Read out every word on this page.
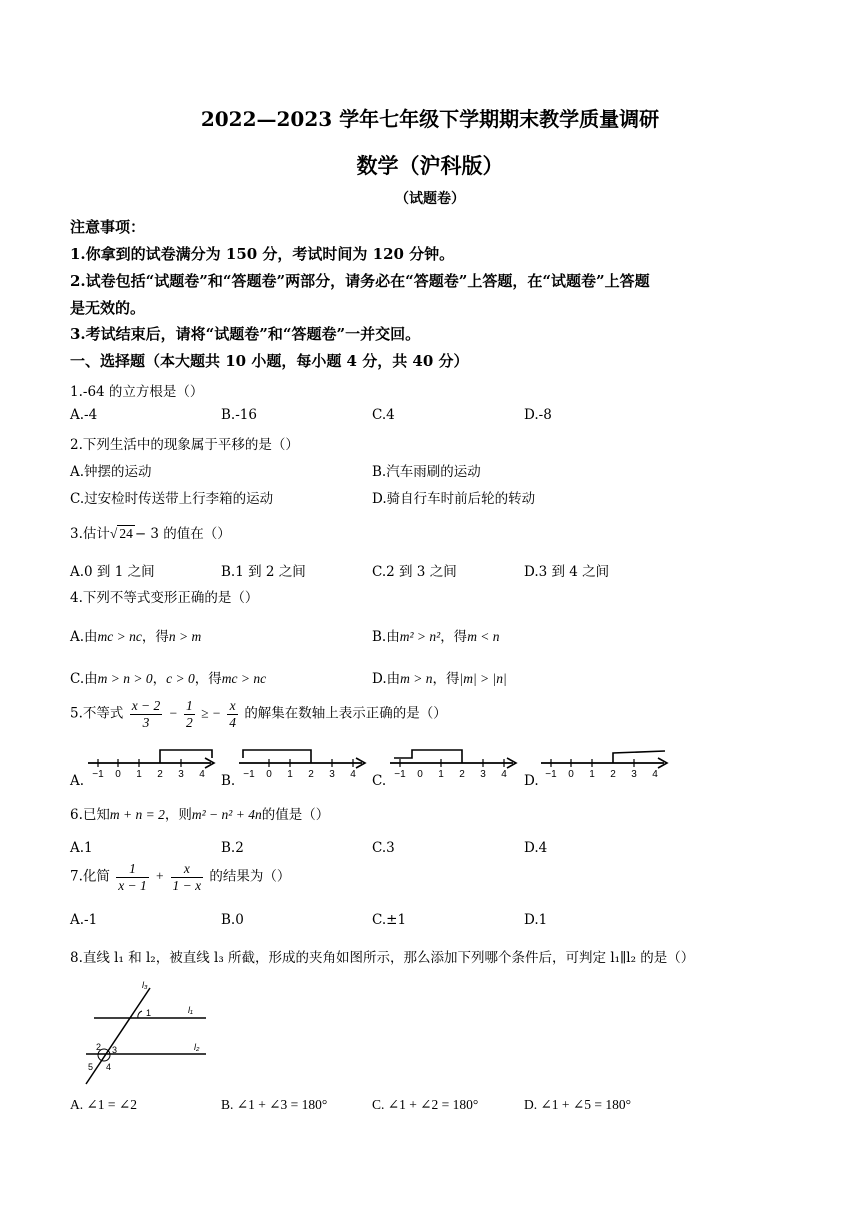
2022—2023 学年七年级下学期期末教学质量调研
数学（沪科版）
（试题卷）
注意事项：
1.你拿到的试卷满分为 150 分，考试时间为 120 分钟。
2.试卷包括“试题卷”和“答题卷”两部分，请务必在“答题卷”上答题，在“试题卷”上答题
是无效的。
3.考试结束后，请将“试题卷”和“答题卷”一并交回。
一、选择题（本大题共 10 小题，每小题 4 分，共 40 分）
1.-64 的立方根是（）
A.-4	B.-16	C.4	D.-8
2.下列生活中的现象属于平移的是（）
A.钟摆的运动	B.汽车雨刷的运动
C.过安检时传送带上行李箱的运动	D.骑自行车时前后轮的转动
3.估计√ 24 − 3 的值在（）
A.0 到 1 之间	B.1 到 2 之间	C.2 到 3 之间	D.3 到 4 之间
4.下列不等式变形正确的是（）
A.由mc > nc，得n > m	B.由m² > n²，得m < n
C.由m > n > 0，c > 0，得mc > nc	D.由m > n，得|m| > |n|
5.不等式 $\frac{x - 2}{3} - \frac{1}{2}$ ≥ − $\frac{x}{4}$ 的解集在数轴上表示正确的是（）
A.	B.	C.	D.
−1 0 1 2 3 4	−1 0 1 2 3 4	−1 0 1 2 3 4	−1 0 1 2 3 4
6.已知m + n = 2，则m² − n² + 4n的值是（）
A.1	B.2	C.3	D.4
7.化简 $\frac{1}{x - 1} + \frac{x}{1 - x}$ 的结果为（）
A.-1	B.0	C.±1	D.1
8.直线 l₁ 和 l₂，被直线 l₃ 所截，形成的夹角如图所示，那么添加下列哪个条件后，可判定 l₁∥l₂ 的是（）
l₃
l₁
l₂
1
2 3
4
5
A. ∠1 = ∠2	B. ∠1 + ∠3 = 180°	C. ∠1 + ∠2 = 180°	D. ∠1 + ∠5 = 180°
